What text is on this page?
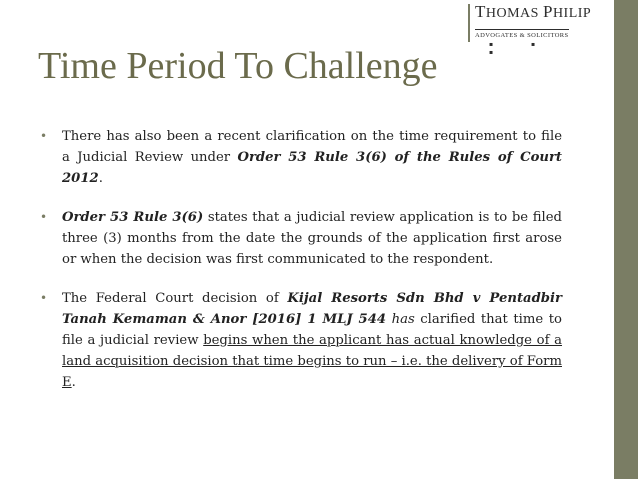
THOMAS PHILIP
ADVOGATES & SOLICITORS
▪ ▪ ▪
Time Period To Challenge
• There has also been a recent clarification on the time requirement to file a Judicial Review under Order 53 Rule 3(6) of the Rules of Court 2012.
• Order 53 Rule 3(6) states that a judicial review application is to be filed three (3) months from the date the grounds of the application first arose or when the decision was first communicated to the respondent.
• The Federal Court decision of Kijal Resorts Sdn Bhd v Pentadbir Tanah Kemaman & Anor [2016] 1 MLJ 544 has clarified that time to file a judicial review begins when the applicant has actual knowledge of a land acquisition decision that time begins to run – i.e. the delivery of Form E.
